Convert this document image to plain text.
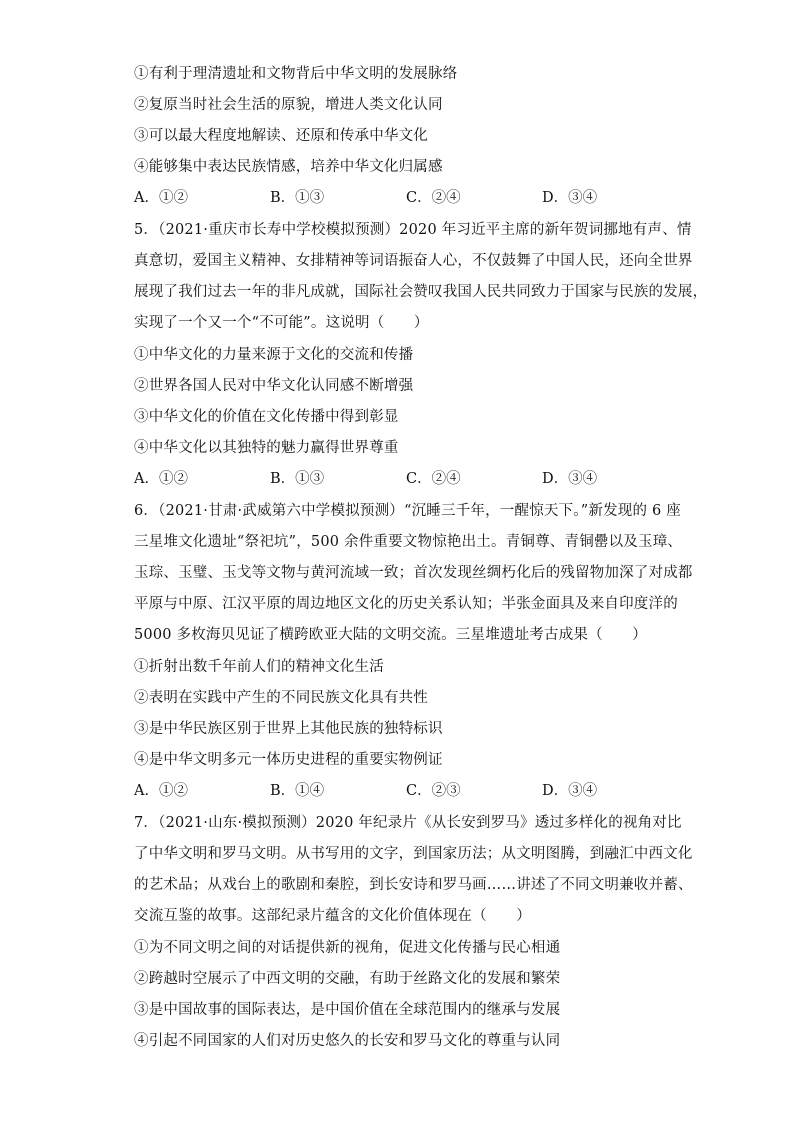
①有利于理清遗址和文物背后中华文明的发展脉络
②复原当时社会生活的原貌，增进人类文化认同
③可以最大程度地解读、还原和传承中华文化
④能够集中表达民族情感，培养中华文化归属感
A．①②	B．①③	C．②④	D．③④
5．（2021·重庆市长寿中学校模拟预测）2020 年习近平主席的新年贺词挪地有声、情
真意切，爱国主义精神、女排精神等词语振奋人心，不仅鼓舞了中国人民，还向全世界
展现了我们过去一年的非凡成就，国际社会赞叹我国人民共同致力于国家与民族的发展，
实现了一个又一个“不可能”。这说明（　　）
①中华文化的力量来源于文化的交流和传播
②世界各国人民对中华文化认同感不断增强
③中华文化的价值在文化传播中得到彰显
④中华文化以其独特的魅力赢得世界尊重
A．①②	B．①③	C．②④	D．③④
6．（2021·甘肃·武威第六中学模拟预测）“沉睡三千年，一醒惊天下。”新发现的 6 座
三星堆文化遗址“祭祀坑”，500 余件重要文物惊艳出土。青铜尊、青铜罍以及玉璋、
玉琮、玉璧、玉戈等文物与黄河流域一致；首次发现丝绸朽化后的残留物加深了对成都
平原与中原、江汉平原的周边地区文化的历史关系认知；半张金面具及来自印度洋的
5000 多枚海贝见证了横跨欧亚大陆的文明交流。三星堆遗址考古成果（　　）
①折射出数千年前人们的精神文化生活
②表明在实践中产生的不同民族文化具有共性
③是中华民族区别于世界上其他民族的独特标识
④是中华文明多元一体历史进程的重要实物例证
A．①②	B．①④	C．②③	D．③④
7．（2021·山东·模拟预测）2020 年纪录片《从长安到罗马》透过多样化的视角对比
了中华文明和罗马文明。从书写用的文字，到国家历法；从文明图腾，到融汇中西文化
的艺术品；从戏台上的歌剧和秦腔，到长安诗和罗马画……讲述了不同文明兼收并蓄、
交流互鉴的故事。这部纪录片蕴含的文化价值体现在（　　）
①为不同文明之间的对话提供新的视角，促进文化传播与民心相通
②跨越时空展示了中西文明的交融，有助于丝路文化的发展和繁荣
③是中国故事的国际表达，是中国价值在全球范围内的继承与发展
④引起不同国家的人们对历史悠久的长安和罗马文化的尊重与认同
